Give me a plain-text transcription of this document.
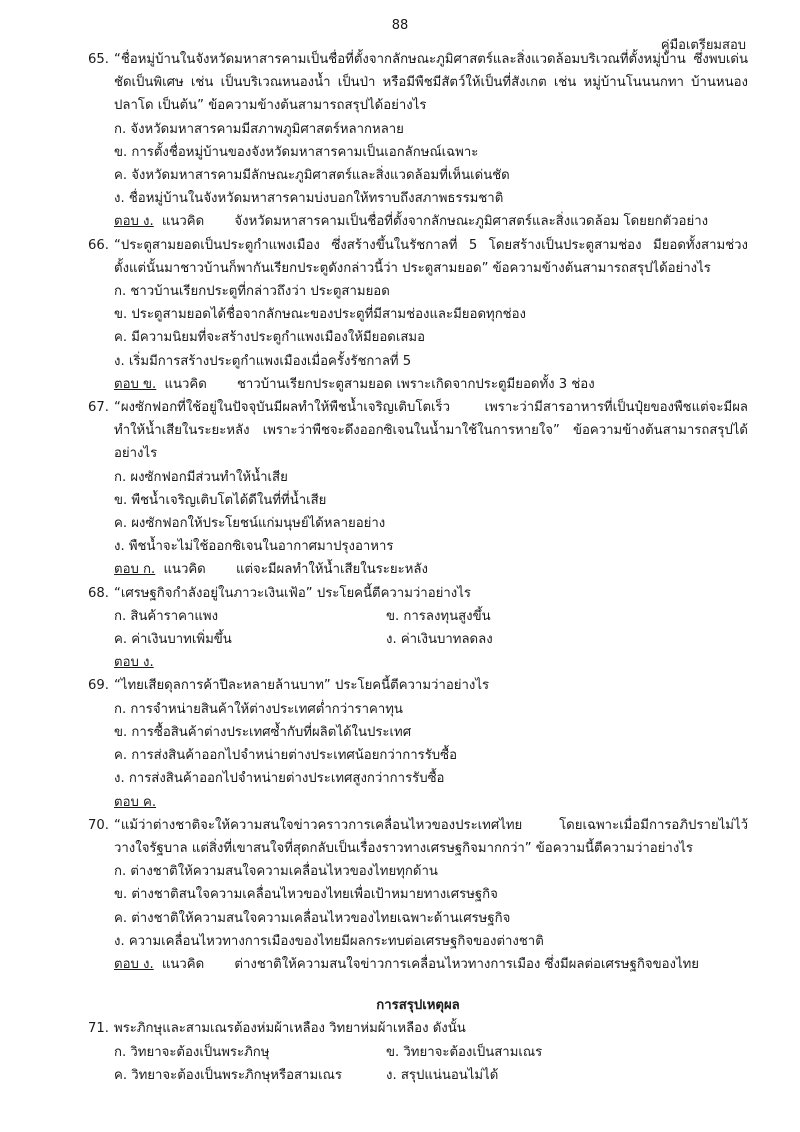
88
คู่มือเตรียมสอบ
65. “ชื่อหมู่บ้านในจังหวัดมหาสารคามเป็นชื่อที่ตั้งจากลักษณะภูมิศาสตร์และสิ่งแวดล้อมบริเวณที่ตั้งหมู่บ้าน ซึ่งพบเด่นชัดเป็นพิเศษ เช่น เป็นบริเวณหนองน้ำ เป็นป่า หรือมีพืชมีสัตว์ให้เป็นที่สังเกต เช่น หมู่บ้านโนนนกทา บ้านหนองปลาโด เป็นต้น” ข้อความข้างต้นสามารถสรุปได้อย่างไร
ก. จังหวัดมหาสารคามมีสภาพภูมิศาสตร์หลากหลาย
ข. การตั้งชื่อหมู่บ้านของจังหวัดมหาสารคามเป็นเอกลักษณ์เฉพาะ
ค. จังหวัดมหาสารคามมีลักษณะภูมิศาสตร์และสิ่งแวดล้อมที่เห็นเด่นชัด
ง. ชื่อหมู่บ้านในจังหวัดมหาสารคามบ่งบอกให้ทราบถึงสภาพธรรมชาติ
ตอบ ง. แนวคิด จังหวัดมหาสารคามเป็นชื่อที่ตั้งจากลักษณะภูมิศาสตร์และสิ่งแวดล้อม โดยยกตัวอย่าง
66. “ประตูสามยอดเป็นประตูกำแพงเมือง ซึ่งสร้างขึ้นในรัชกาลที่ 5 โดยสร้างเป็นประตูสามช่อง มียอดทั้งสามช่วง ตั้งแต่นั้นมาชาวบ้านก็พากันเรียกประตูดังกล่าวนี้ว่า ประตูสามยอด” ข้อความข้างต้นสามารถสรุปได้อย่างไร
ก. ชาวบ้านเรียกประตูที่กล่าวถึงว่า ประตูสามยอด
ข. ประตูสามยอดได้ชื่อจากลักษณะของประตูที่มีสามช่องและมียอดทุกช่อง
ค. มีความนิยมที่จะสร้างประตูกำแพงเมืองให้มียอดเสมอ
ง. เริ่มมีการสร้างประตูกำแพงเมืองเมื่อครั้งรัชกาลที่ 5
ตอบ ข. แนวคิด ชาวบ้านเรียกประตูสามยอด เพราะเกิดจากประตูมียอดทั้ง 3 ช่อง
67. “ผงซักฟอกที่ใช้อยู่ในปัจจุบันมีผลทำให้พืชน้ำเจริญเติบโตเร็ว เพราะว่ามีสารอาหารที่เป็นปุ๋ยของพืชแต่จะมีผลทำให้น้ำเสียในระยะหลัง เพราะว่าพืชจะดึงออกซิเจนในน้ำมาใช้ในการหายใจ” ข้อความข้างต้นสามารถสรุปได้อย่างไร
ก. ผงซักฟอกมีส่วนทำให้น้ำเสีย
ข. พืชน้ำเจริญเติบโตได้ดีในที่ที่น้ำเสีย
ค. ผงซักฟอกให้ประโยชน์แก่มนุษย์ได้หลายอย่าง
ง. พืชน้ำจะไม่ใช้ออกซิเจนในอากาศมาปรุงอาหาร
ตอบ ก. แนวคิด แต่จะมีผลทำให้น้ำเสียในระยะหลัง
68. “เศรษฐกิจกำลังอยู่ในภาวะเงินเฟ้อ” ประโยคนี้ตีความว่าอย่างไร
ก. สินค้าราคาแพง	ข. การลงทุนสูงขึ้น
ค. ค่าเงินบาทเพิ่มขึ้น	ง. ค่าเงินบาทลดลง
ตอบ ง.
69. “ไทยเสียดุลการค้าปีละหลายล้านบาท” ประโยคนี้ตีความว่าอย่างไร
ก. การจำหน่ายสินค้าให้ต่างประเทศต่ำกว่าราคาทุน
ข. การซื้อสินค้าต่างประเทศซ้ำกับที่ผลิตได้ในประเทศ
ค. การส่งสินค้าออกไปจำหน่ายต่างประเทศน้อยกว่าการรับซื้อ
ง. การส่งสินค้าออกไปจำหน่ายต่างประเทศสูงกว่าการรับซื้อ
ตอบ ค.
70. “แม้ว่าต่างชาติจะให้ความสนใจข่าวคราวการเคลื่อนไหวของประเทศไทย โดยเฉพาะเมื่อมีการอภิปรายไม่ไว้วางใจรัฐบาล แต่สิ่งที่เขาสนใจที่สุดกลับเป็นเรื่องราวทางเศรษฐกิจมากกว่า” ข้อความนี้ตีความว่าอย่างไร
ก. ต่างชาติให้ความสนใจความเคลื่อนไหวของไทยทุกด้าน
ข. ต่างชาติสนใจความเคลื่อนไหวของไทยเพื่อเป้าหมายทางเศรษฐกิจ
ค. ต่างชาติให้ความสนใจความเคลื่อนไหวของไทยเฉพาะด้านเศรษฐกิจ
ง. ความเคลื่อนไหวทางการเมืองของไทยมีผลกระทบต่อเศรษฐกิจของต่างชาติ
ตอบ ง. แนวคิด ต่างชาติให้ความสนใจข่าวการเคลื่อนไหวทางการเมือง ซึ่งมีผลต่อเศรษฐกิจของไทย
การสรุปเหตุผล
71. พระภิกษุและสามเณรต้องห่มผ้าเหลือง วิทยาห่มผ้าเหลือง ดังนั้น
ก. วิทยาจะต้องเป็นพระภิกษุ	ข. วิทยาจะต้องเป็นสามเณร
ค. วิทยาจะต้องเป็นพระภิกษุหรือสามเณร	ง. สรุปแน่นอนไม่ได้
